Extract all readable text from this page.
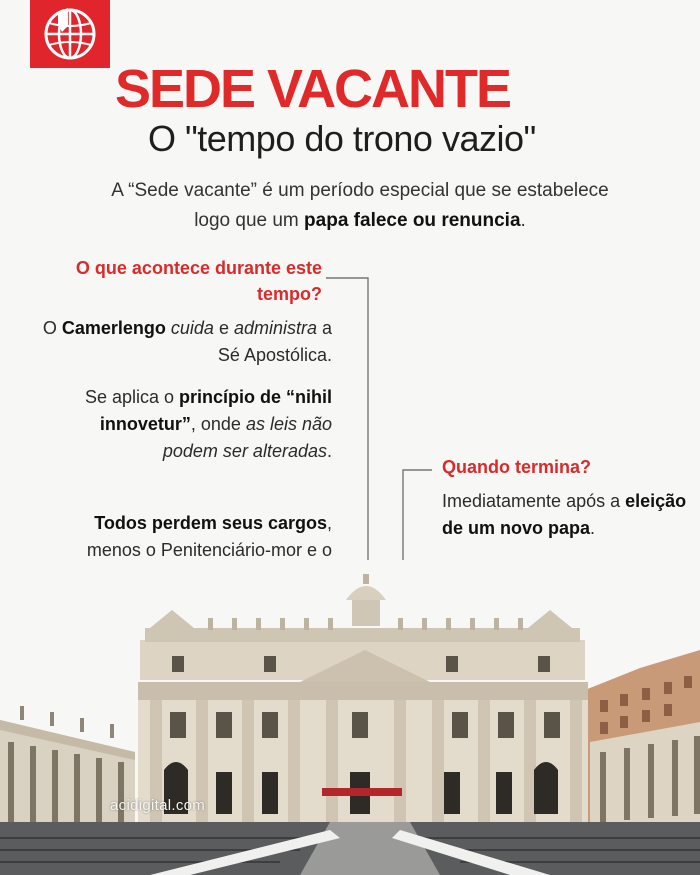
SEDE VACANTE
O "tempo do trono vazio"

A “Sede vacante” é um período especial que se estabelece logo que um papa falece ou renuncia.

O que acontece durante este tempo?

O Camerlengo cuida e administra a Sé Apostólica.

Se aplica o princípio de “nihil innovetur”, onde as leis não podem ser alteradas.

Todos perdem seus cargos, menos o Penitenciário-mor e o

Quando termina?

Imediatamente após a eleição de um novo papa.

acidigital.com
